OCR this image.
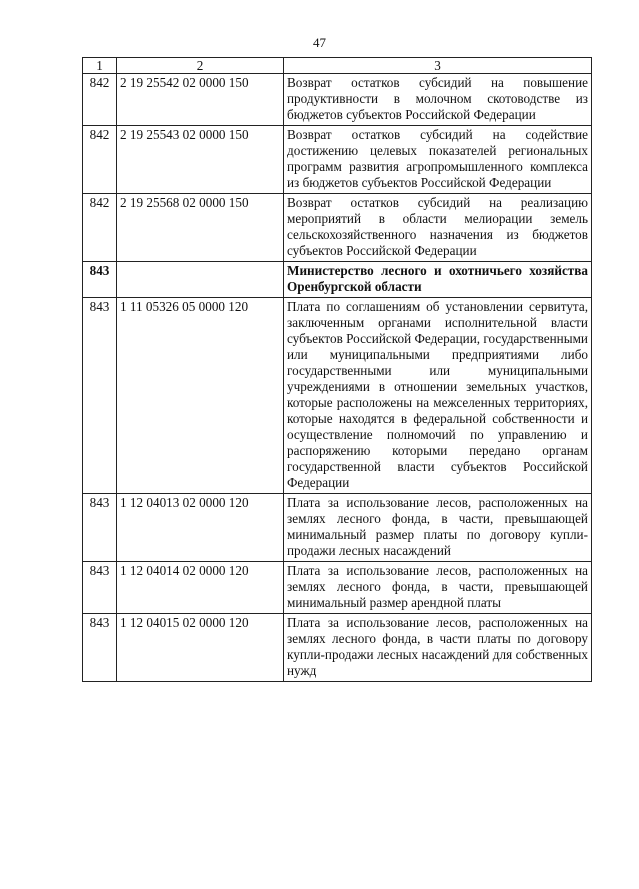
47
1	2	3
842	2 19 25542 02 0000 150	Возврат остатков субсидий на повышение продуктивности в молочном скотоводстве из бюджетов субъектов Российской Федерации
842	2 19 25543 02 0000 150	Возврат остатков субсидий на содействие достижению целевых показателей региональных программ развития агропромышленного комплекса из бюджетов субъектов Российской Федерации
842	2 19 25568 02 0000 150	Возврат остатков субсидий на реализацию мероприятий в области мелиорации земель сельскохозяйственного назначения из бюджетов субъектов Российской Федерации
843		Министерство лесного и охотничьего хозяйства Оренбургской области
843	1 11 05326 05 0000 120	Плата по соглашениям об установлении сервитута, заключенным органами исполнительной власти субъектов Российской Федерации, государственными или муниципальными предприятиями либо государственными или муниципальными учреждениями в отношении земельных участков, которые расположены на межселенных территориях, которые находятся в федеральной собственности и осуществление полномочий по управлению и распоряжению которыми передано органам государственной власти субъектов Российской Федерации
843	1 12 04013 02 0000 120	Плата за использование лесов, расположенных на землях лесного фонда, в части, превышающей минимальный размер платы по договору купли-продажи лесных насаждений
843	1 12 04014 02 0000 120	Плата за использование лесов, расположенных на землях лесного фонда, в части, превышающей минимальный размер арендной платы
843	1 12 04015 02 0000 120	Плата за использование лесов, расположенных на землях лесного фонда, в части платы по договору купли-продажи лесных насаждений для собственных нужд
